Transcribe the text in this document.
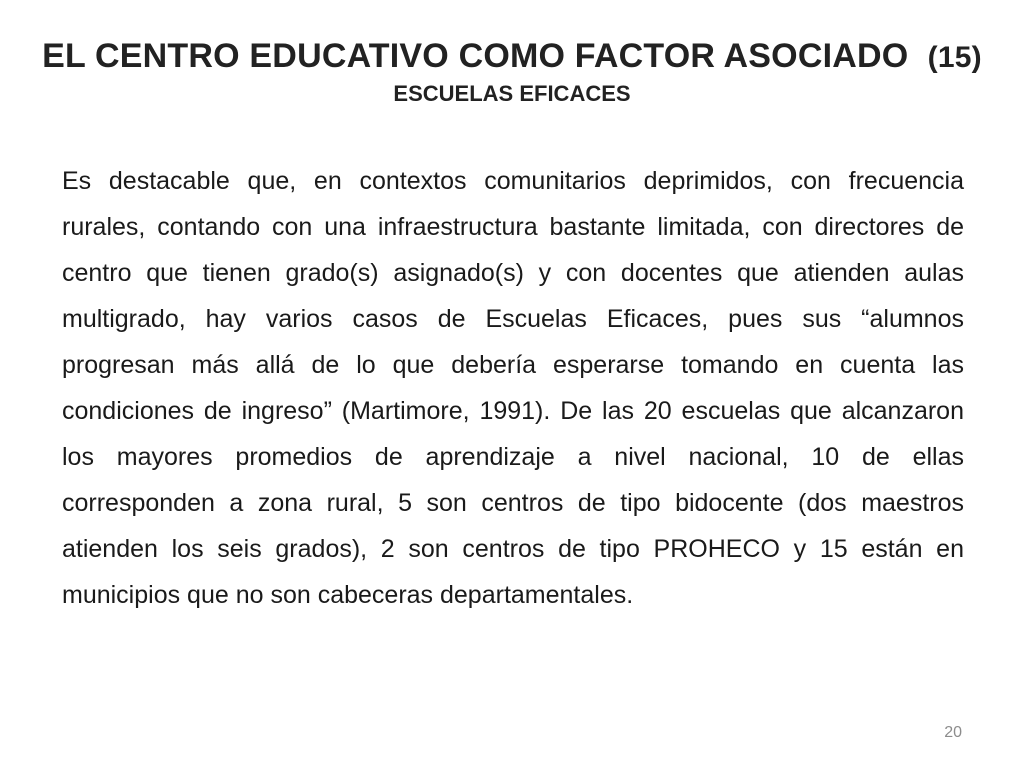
EL CENTRO EDUCATIVO COMO FACTOR ASOCIADO (15)
ESCUELAS EFICACES

Es destacable que, en contextos comunitarios deprimidos, con frecuencia rurales, contando con una infraestructura bastante limitada, con directores de centro que tienen grado(s) asignado(s) y con docentes que atienden aulas multigrado, hay varios casos de Escuelas Eficaces, pues sus “alumnos progresan más allá de lo que debería esperarse tomando en cuenta las condiciones de ingreso” (Martimore, 1991). De las 20 escuelas que alcanzaron los mayores promedios de aprendizaje a nivel nacional, 10 de ellas corresponden a zona rural, 5 son centros de tipo bidocente (dos maestros atienden los seis grados), 2 son centros de tipo PROHECO y 15 están en municipios que no son cabeceras departamentales.

20
